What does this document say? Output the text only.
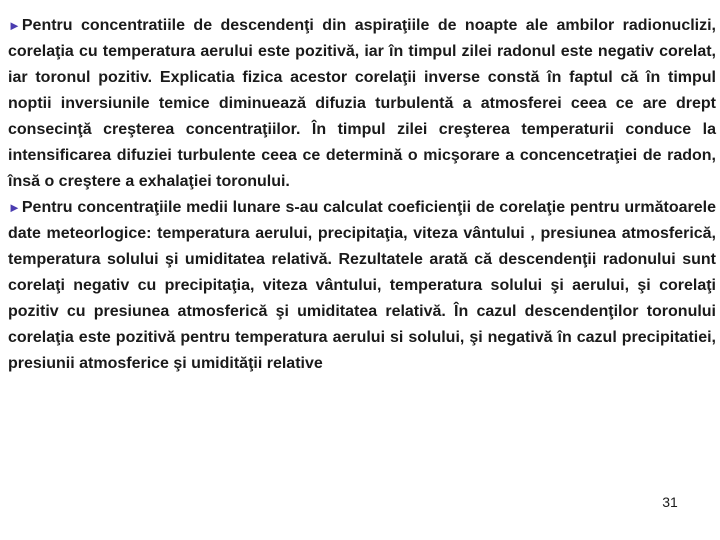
►Pentru concentratiile de descendenţi din aspiraţiile de noapte ale ambilor radionuclizi, corelaţia cu temperatura aerului este pozitivă, iar în timpul zilei radonul este negativ corelat, iar toronul pozitiv. Explicatia fizica acestor corelaţii inverse constă în faptul că în timpul noptii inversiunile temice diminuează difuzia turbulentă a atmosferei ceea ce are drept consecinţă creşterea concentraţiilor. În timpul zilei creşterea temperaturii conduce la intensificarea difuziei turbulente ceea ce determină o micşorare a concencetraţiei de radon, însă o creştere a exhalaţiei toronului.

►Pentru concentraţiile medii lunare s-au calculat coeficienţii de corelaţie pentru următoarele date meteorlogice: temperatura aerului, precipitaţia, viteza vântului , presiunea atmosferică, temperatura solului şi umiditatea relativă. Rezultatele arată că descendenţii radonului sunt corelaţi negativ cu precipitaţia, viteza vântului, temperatura solului şi aerului, şi corelaţi pozitiv cu presiunea atmosferică şi umiditatea relativă. În cazul descendenţilor toronului corelaţia este pozitivă pentru temperatura aerului si solului, şi negativă în cazul precipitatiei, presiunii atmosferice şi umidităţii relative

31
